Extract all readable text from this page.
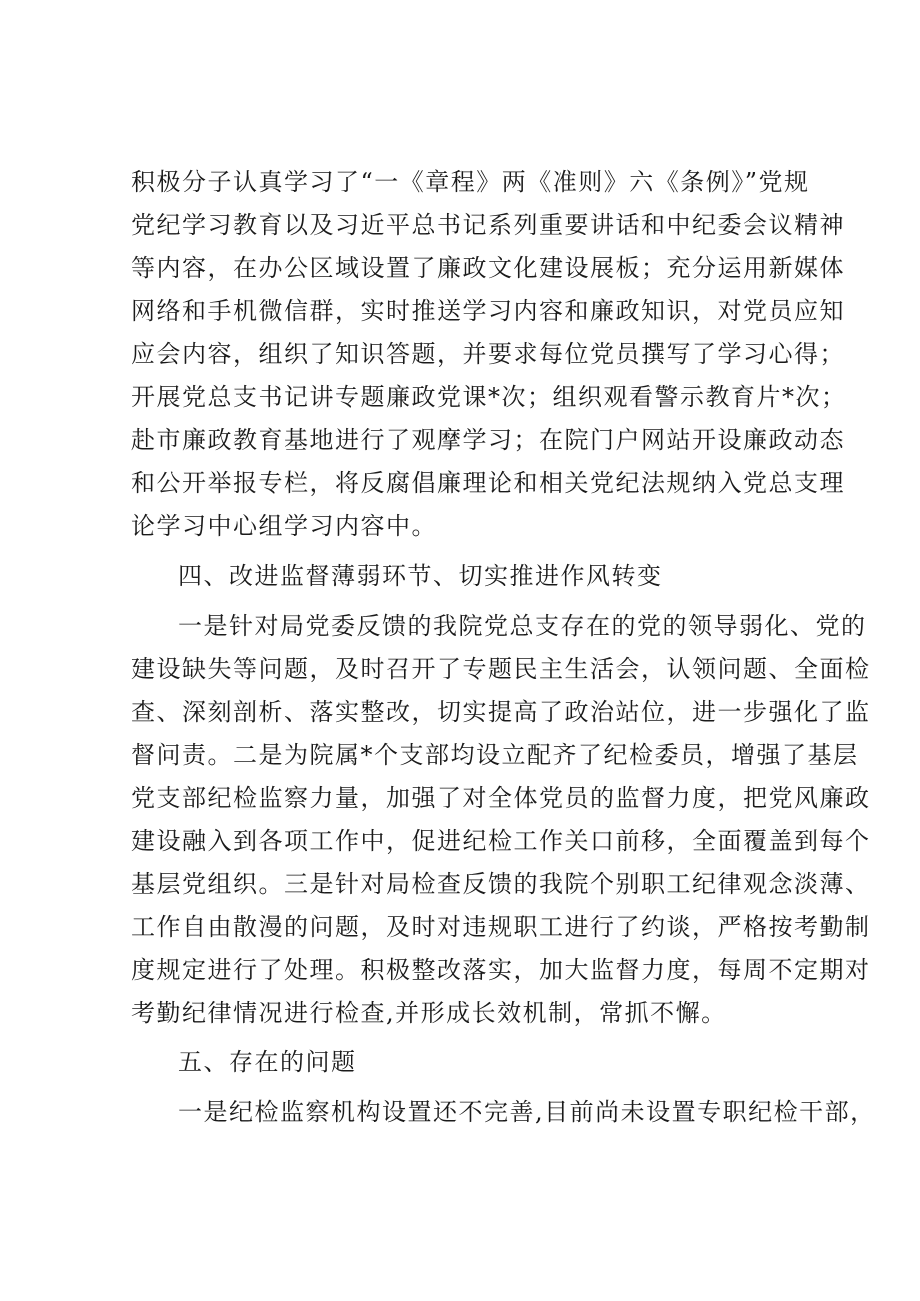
积极分子认真学习了“一《章程》两《准则》六《条例》”党规
党纪学习教育以及习近平总书记系列重要讲话和中纪委会议精神
等内容，在办公区域设置了廉政文化建设展板；充分运用新媒体
网络和手机微信群，实时推送学习内容和廉政知识，对党员应知
应会内容，组织了知识答题，并要求每位党员撰写了学习心得；
开展党总支书记讲专题廉政党课*次；组织观看警示教育片*次；
赴市廉政教育基地进行了观摩学习；在院门户网站开设廉政动态
和公开举报专栏，将反腐倡廉理论和相关党纪法规纳入党总支理
论学习中心组学习内容中。
四、改进监督薄弱环节、切实推进作风转变
一是针对局党委反馈的我院党总支存在的党的领导弱化、党的
建设缺失等问题，及时召开了专题民主生活会，认领问题、全面检
查、深刻剖析、落实整改，切实提高了政治站位，进一步强化了监
督问责。二是为院属*个支部均设立配齐了纪检委员，增强了基层
党支部纪检监察力量，加强了对全体党员的监督力度，把党风廉政
建设融入到各项工作中，促进纪检工作关口前移，全面覆盖到每个
基层党组织。三是针对局检查反馈的我院个别职工纪律观念淡薄、
工作自由散漫的问题，及时对违规职工进行了约谈，严格按考勤制
度规定进行了处理。积极整改落实，加大监督力度，每周不定期对
考勤纪律情况进行检查,并形成长效机制，常抓不懈。
五、存在的问题
一是纪检监察机构设置还不完善,目前尚未设置专职纪检干部，
